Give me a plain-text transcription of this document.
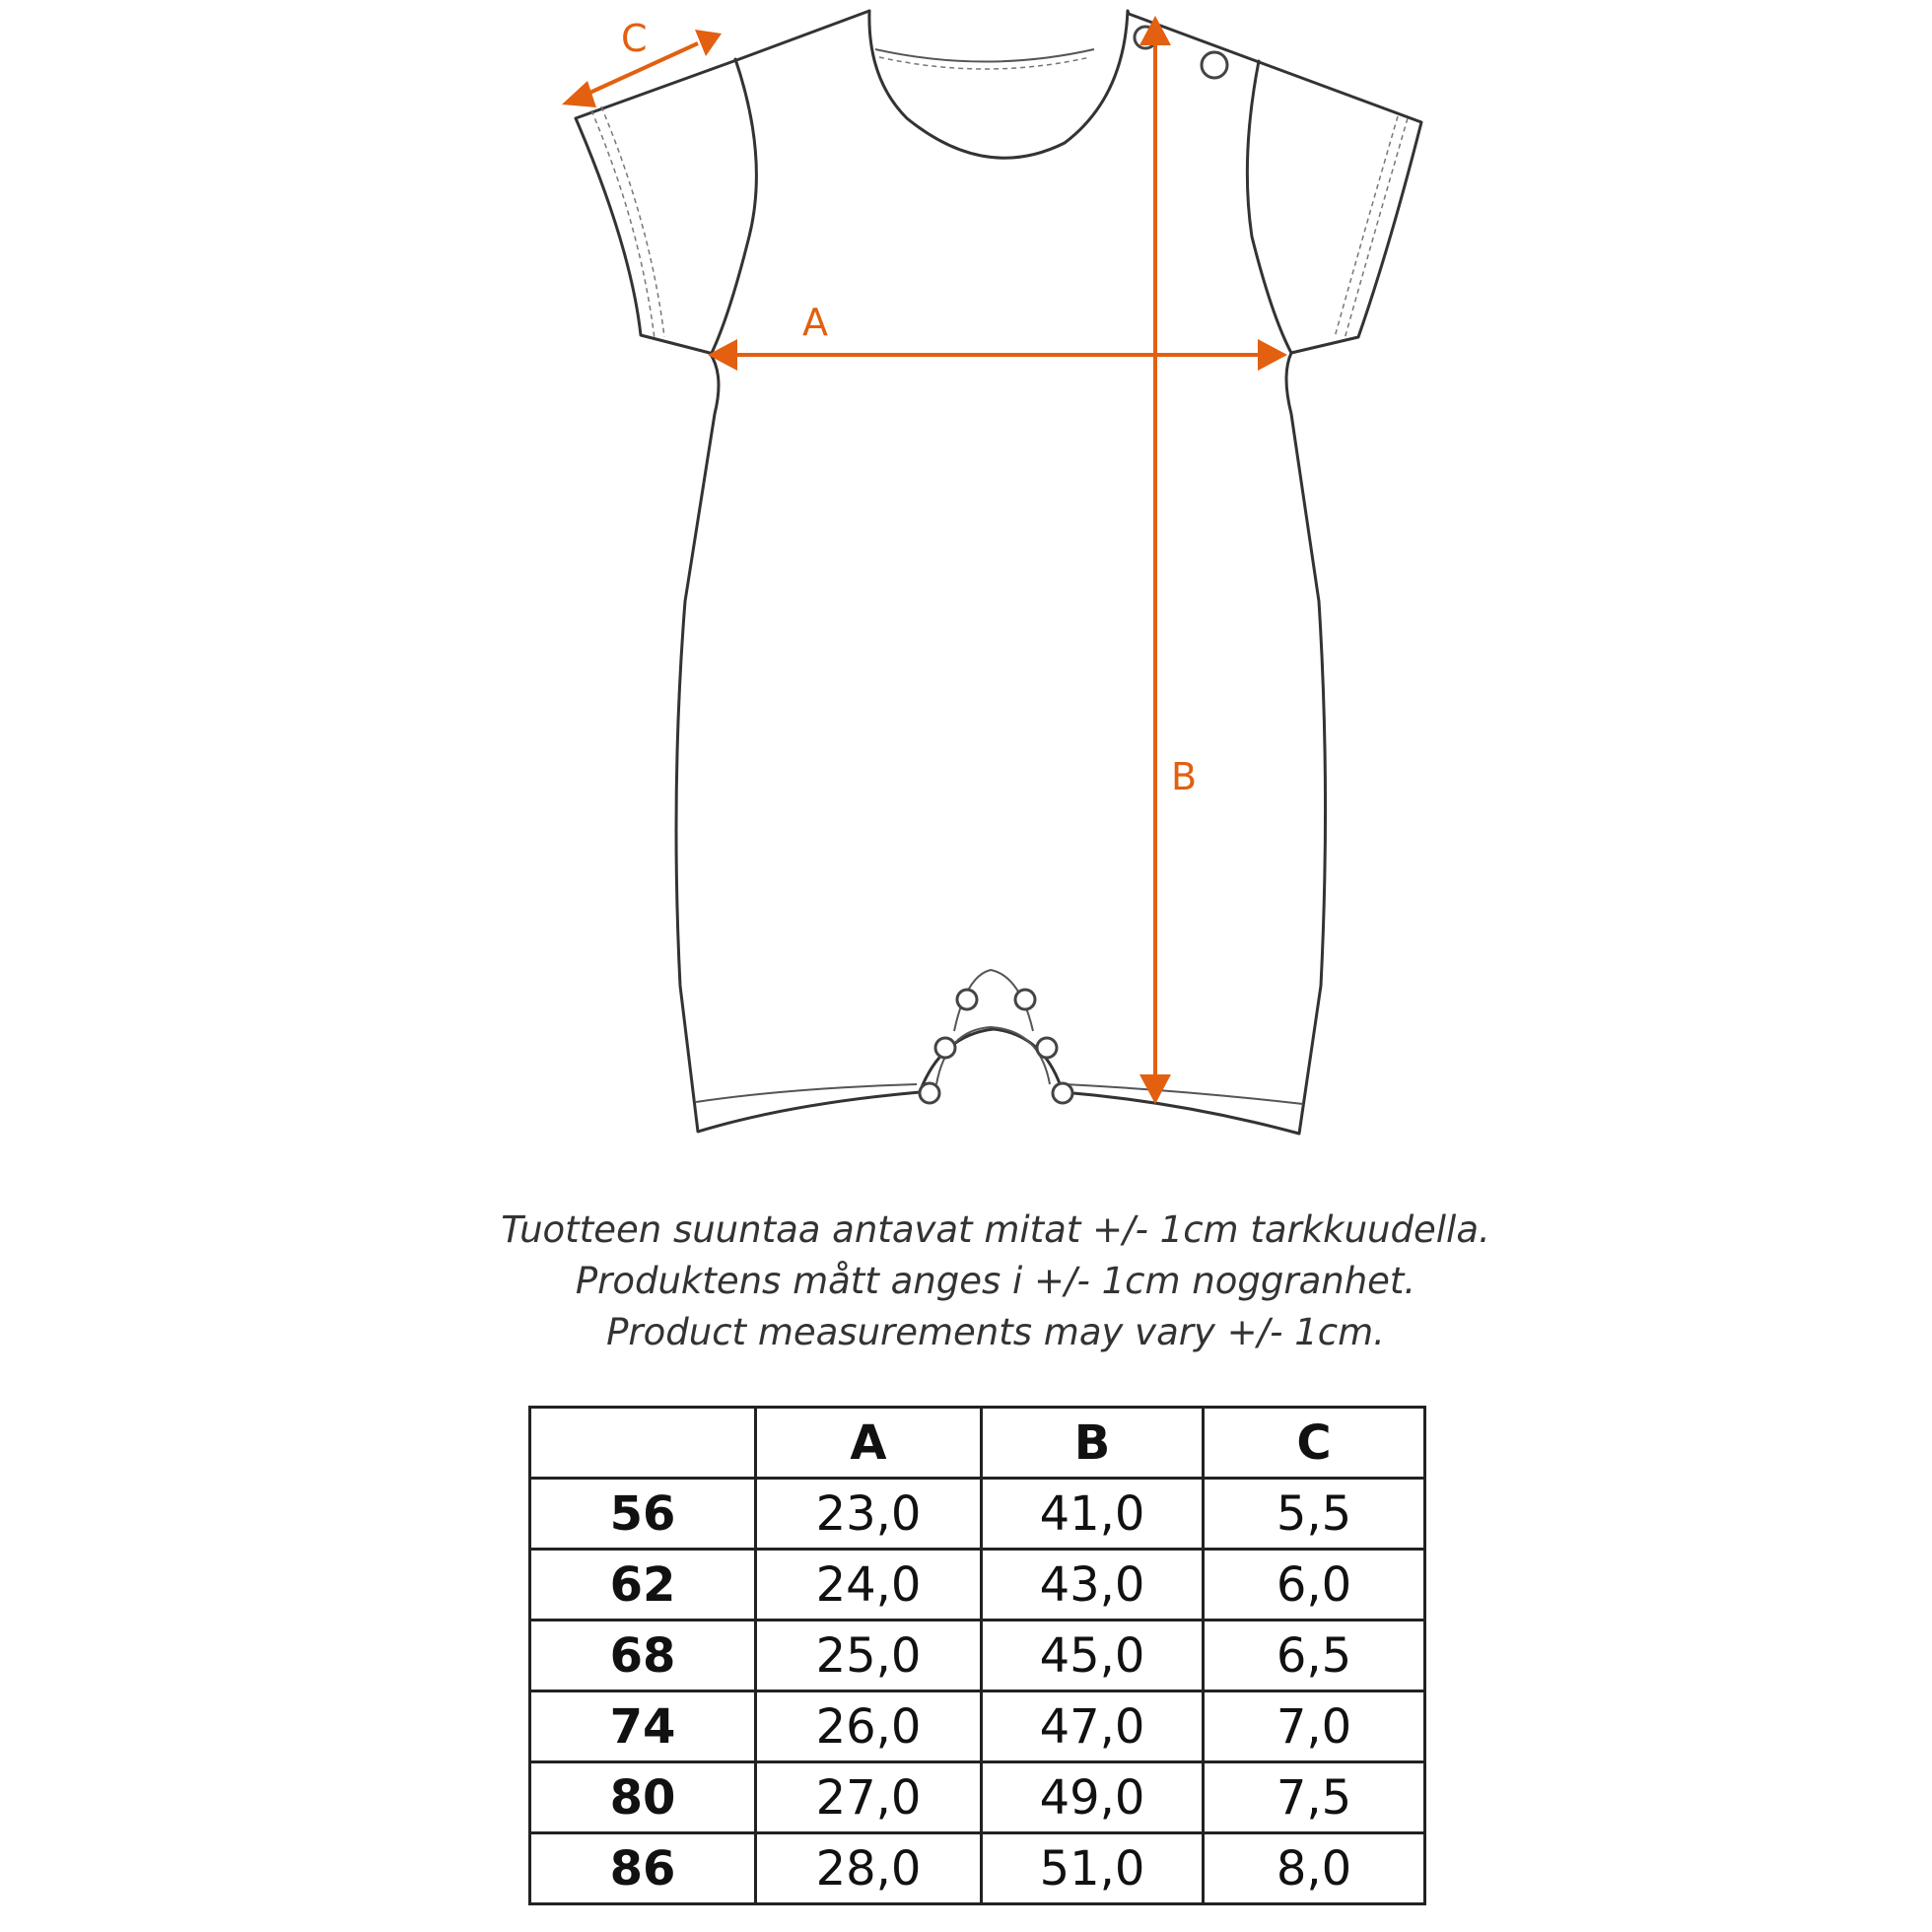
A
B
C
Tuotteen suuntaa antavat mitat +/- 1cm tarkkuudella.
Produktens mått anges i +/- 1cm noggranhet.
Product measurements may vary +/- 1cm.
	A	B	C
56	23,0	41,0	5,5
62	24,0	43,0	6,0
68	25,0	45,0	6,5
74	26,0	47,0	7,0
80	27,0	49,0	7,5
86	28,0	51,0	8,0
